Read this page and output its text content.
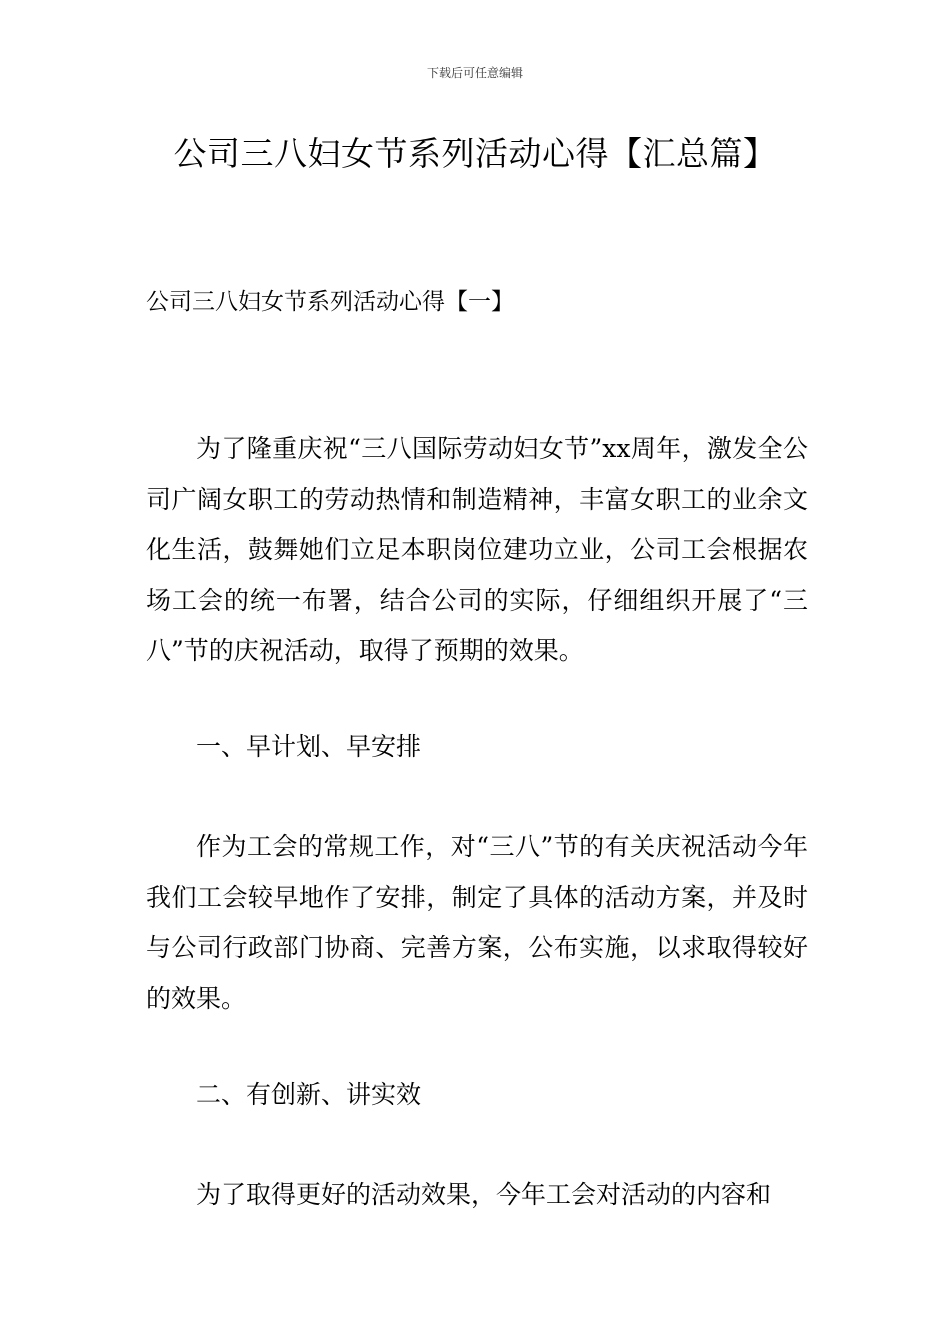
下载后可任意编辑
公司三八妇女节系列活动心得【汇总篇】
公司三八妇女节系列活动心得【一】
为了隆重庆祝“三八国际劳动妇女节”xx周年，激发全公司广阔女职工的劳动热情和制造精神，丰富女职工的业余文化生活，鼓舞她们立足本职岗位建功立业，公司工会根据农场工会的统一布署，结合公司的实际，仔细组织开展了“三八”节的庆祝活动，取得了预期的效果。
一、早计划、早安排
作为工会的常规工作，对“三八”节的有关庆祝活动今年我们工会较早地作了安排，制定了具体的活动方案，并及时与公司行政部门协商、完善方案，公布实施，以求取得较好的效果。
二、有创新、讲实效
为了取得更好的活动效果，今年工会对活动的内容和
